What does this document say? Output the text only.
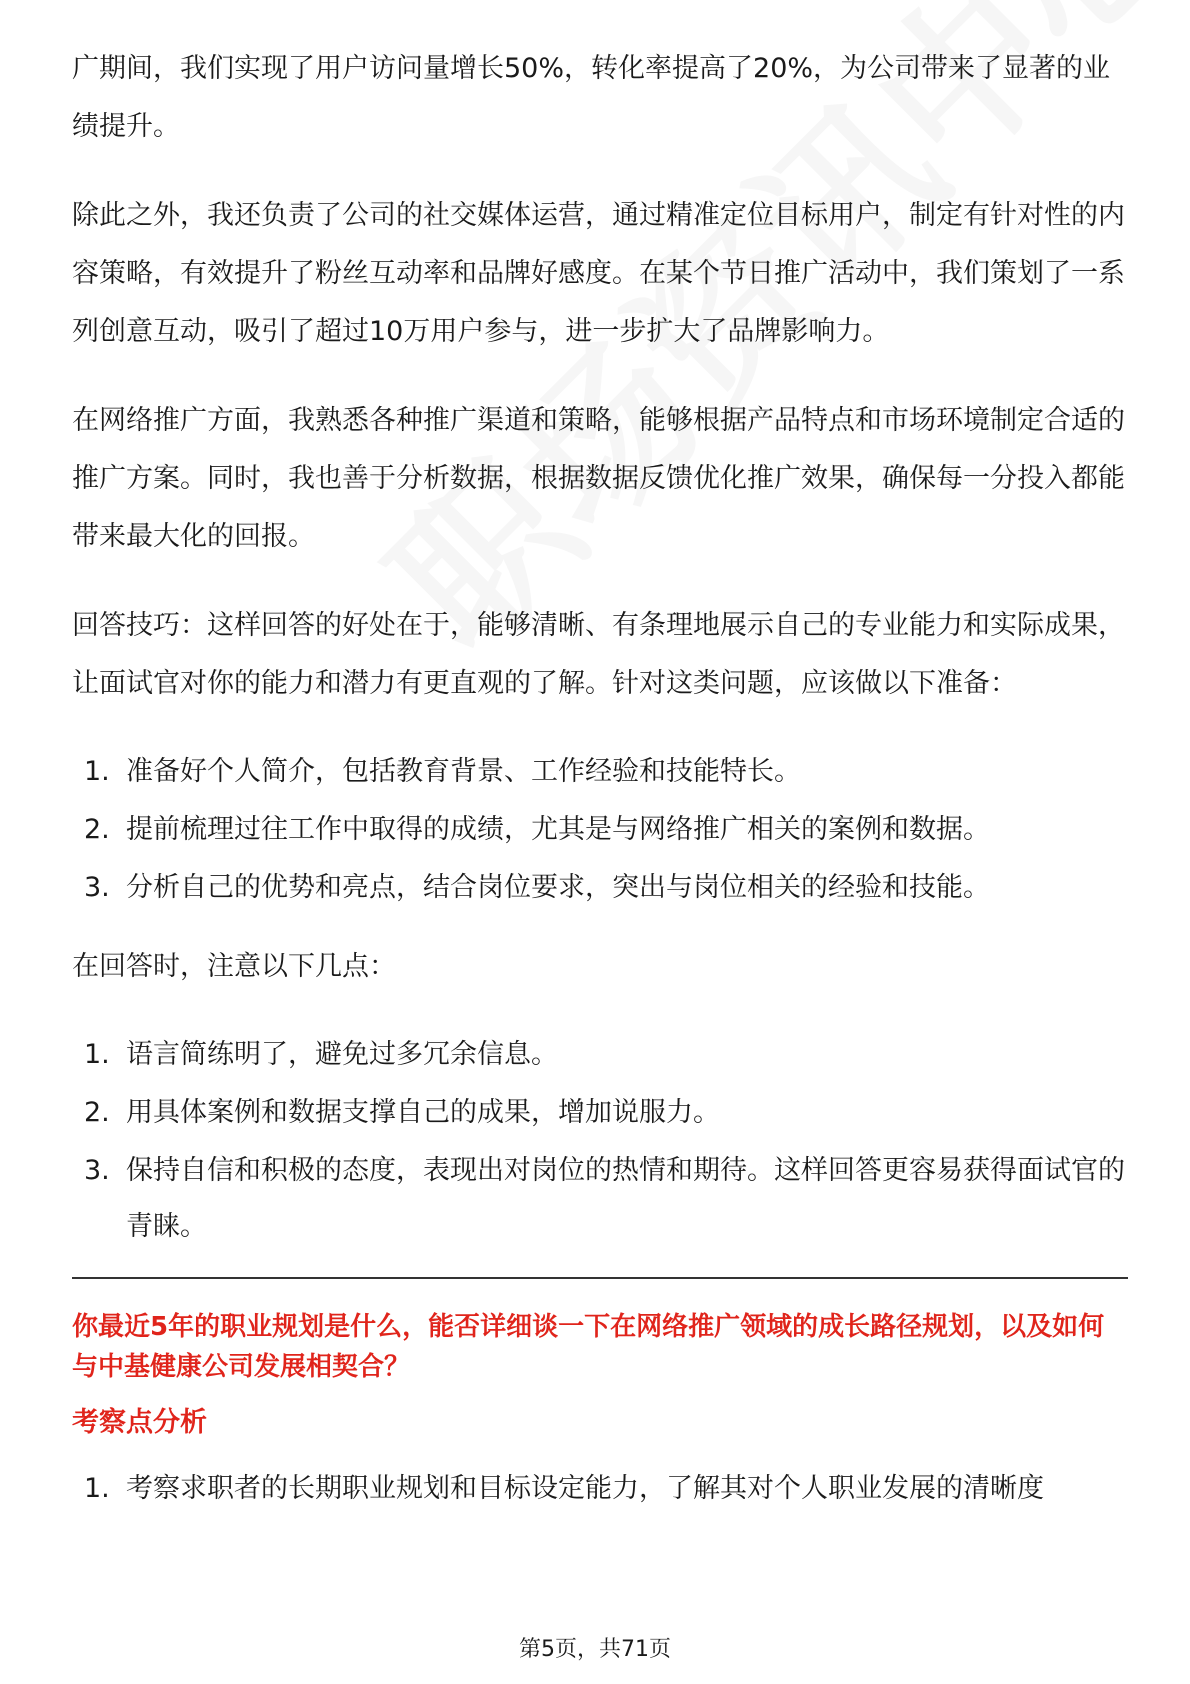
广期间，我们实现了用户访问量增长50%，转化率提高了20%，为公司带来了显著的业绩提升。

除此之外，我还负责了公司的社交媒体运营，通过精准定位目标用户，制定有针对性的内容策略，有效提升了粉丝互动率和品牌好感度。在某个节日推广活动中，我们策划了一系列创意互动，吸引了超过10万用户参与，进一步扩大了品牌影响力。

在网络推广方面，我熟悉各种推广渠道和策略，能够根据产品特点和市场环境制定合适的推广方案。同时，我也善于分析数据，根据数据反馈优化推广效果，确保每一分投入都能带来最大化的回报。

回答技巧：这样回答的好处在于，能够清晰、有条理地展示自己的专业能力和实际成果，让面试官对你的能力和潜力有更直观的了解。针对这类问题，应该做以下准备：

1. 准备好个人简介，包括教育背景、工作经验和技能特长。
2. 提前梳理过往工作中取得的成绩，尤其是与网络推广相关的案例和数据。
3. 分析自己的优势和亮点，结合岗位要求，突出与岗位相关的经验和技能。

在回答时，注意以下几点：

1. 语言简练明了，避免过多冗余信息。
2. 用具体案例和数据支撑自己的成果，增加说服力。
3. 保持自信和积极的态度，表现出对岗位的热情和期待。这样回答更容易获得面试官的青睐。
你最近5年的职业规划是什么，能否详细谈一下在网络推广领域的成长路径规划，以及如何与中基健康公司发展相契合？
考察点分析
1. 考察求职者的长期职业规划和目标设定能力，了解其对个人职业发展的清晰度
第5页，共71页
